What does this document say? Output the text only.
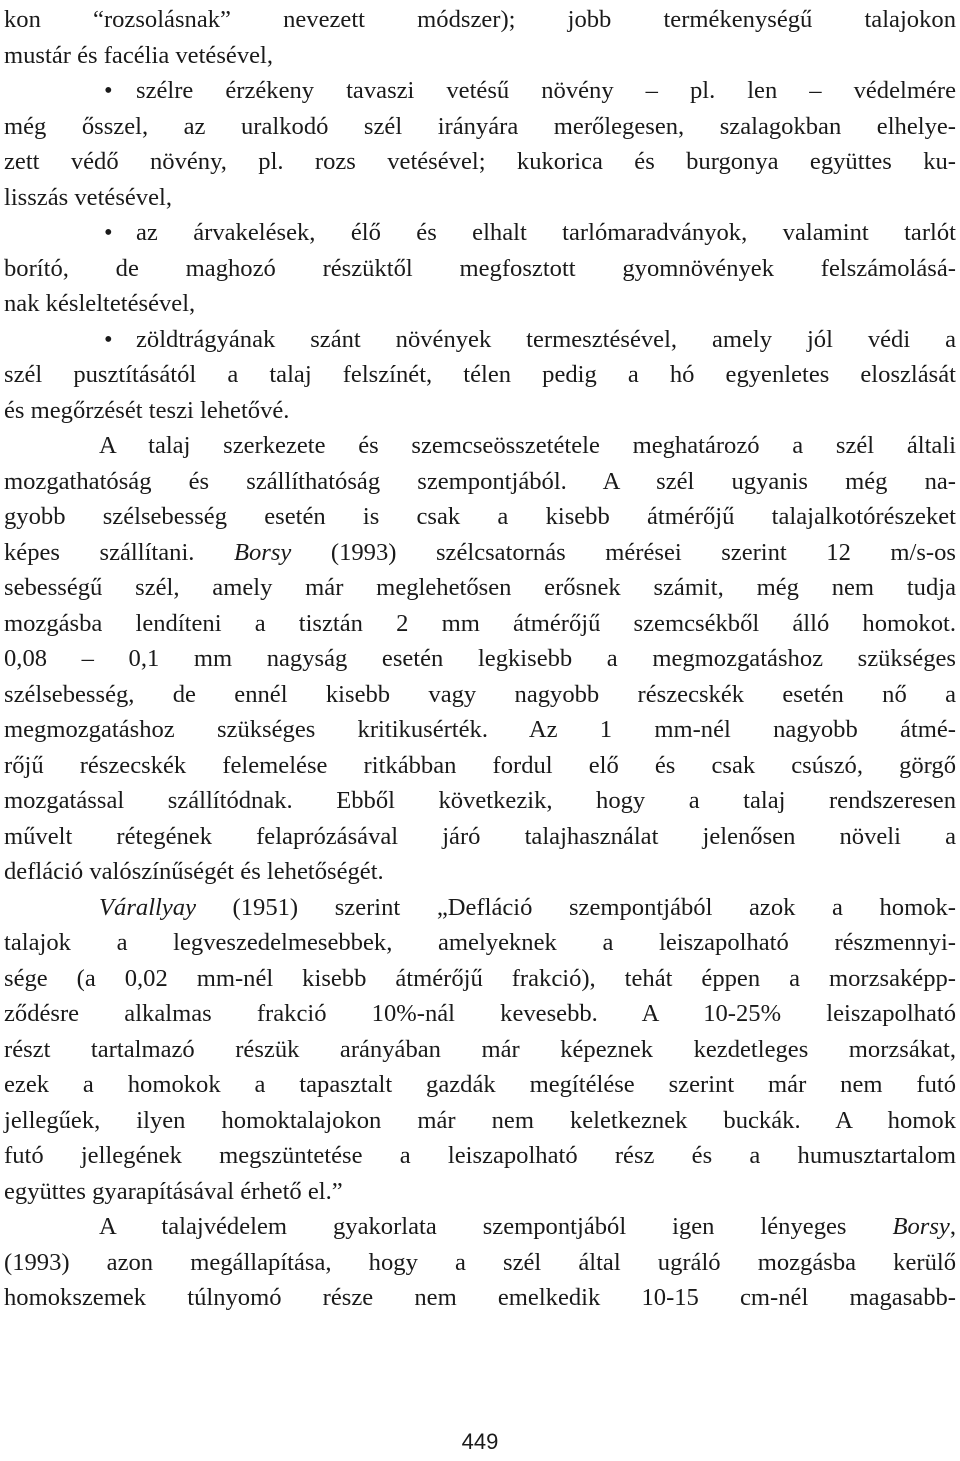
kon “rozsolásnak” nevezett módszer); jobb termékenységű talajokon
mustár és facélia vetésével,
• szélre érzékeny tavaszi vetésű növény – pl. len – védelmére
még ősszel, az uralkodó szél irányára merőlegesen, szalagokban elhelye-
zett védő növény, pl. rozs vetésével; kukorica és burgonya együttes ku-
lisszás vetésével,
• az árvakelések, élő és elhalt tarlómaradványok, valamint tarlót
borító, de maghozó részüktől megfosztott gyomnövények felszámolásá-
nak késleltetésével,
• zöldtrágyának szánt növények termesztésével, amely jól védi a
szél pusztításától a talaj felszínét, télen pedig a hó egyenletes eloszlását
és megőrzését teszi lehetővé.
A talaj szerkezete és szemcseösszetétele meghatározó a szél általi
mozgathatóság és szállíthatóság szempontjából. A szél ugyanis még na-
gyobb szélsebesség esetén is csak a kisebb átmérőjű talajalkotórészeket
képes szállítani. Borsy (1993) szélcsatornás mérései szerint 12 m/s-os
sebességű szél, amely már meglehetősen erősnek számit, még nem tudja
mozgásba lendíteni a tisztán 2 mm átmérőjű szemcsékből álló homokot.
0,08 – 0,1 mm nagyság esetén legkisebb a megmozgatáshoz szükséges
szélsebesség, de ennél kisebb vagy nagyobb részecskék esetén nő a
megmozgatáshoz szükséges kritikusérték. Az 1 mm-nél nagyobb átmé-
rőjű részecskék felemelése ritkábban fordul elő és csak csúszó, görgő
mozgatással szállítódnak. Ebből következik, hogy a talaj rendszeresen
művelt rétegének felaprózásával járó talajhasználat jelenősen növeli a
defláció valószínűségét és lehetőségét.
Várallyay (1951) szerint „Defláció szempontjából azok a homok-
talajok a legveszedelmesebbek, amelyeknek a leiszapolható részmennyi-
sége (a 0,02 mm-nél kisebb átmérőjű frakció), tehát éppen a morzsaképp-
ződésre alkalmas frakció 10%-nál kevesebb. A 10-25% leiszapolható
részt tartalmazó részük arányában már képeznek kezdetleges morzsákat,
ezek a homokok a tapasztalt gazdák megítélése szerint már nem futó
jellegűek, ilyen homoktalajokon már nem keletkeznek buckák. A homok
futó jellegének megszüntetése a leiszapolható rész és a humusztartalom
együttes gyarapításával érhető el.”
A talajvédelem gyakorlata szempontjából igen lényeges Borsy,
(1993) azon megállapítása, hogy a szél által ugráló mozgásba kerülő
homokszemek túlnyomó része nem emelkedik 10-15 cm-nél magasabb-
449
